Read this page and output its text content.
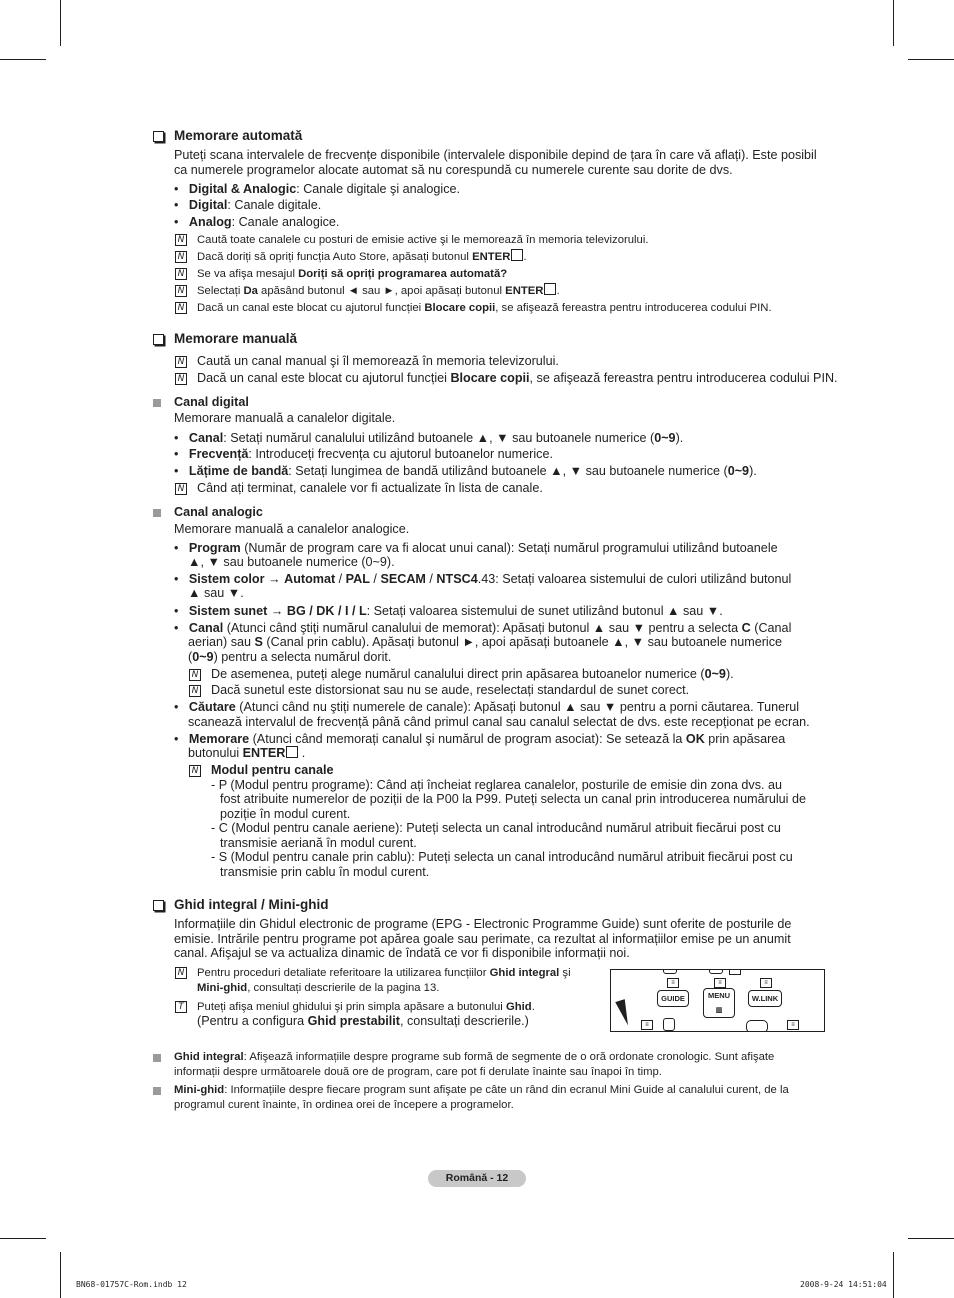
Memorare automată
Puteți scana intervalele de frecvențe disponibile (intervalele disponibile depind de țara în care vă aflați). Este posibil ca numerele programelor alocate automat să nu corespundă cu numerele curente sau dorite de dvs.
•   Digital & Analogic: Canale digitale şi analogice.
•   Digital: Canale digitale.
•   Analog: Canale analogice.
N Caută toate canalele cu posturi de emisie active şi le memorează în memoria televizorului.
N Dacă doriți să opriți funcția Auto Store, apăsați butonul ENTER .
N Se va afişa mesajul Doriți să opriți programarea automată?
N Selectați Da apăsând butonul ◄ sau ►, apoi apăsați butonul ENTER .
N Dacă un canal este blocat cu ajutorul funcției Blocare copii, se afişează fereastra pentru introducerea codului PIN.
Memorare manuală
N Caută un canal manual şi îl memorează în memoria televizorului.
N Dacă un canal este blocat cu ajutorul funcției Blocare copii, se afişează fereastra pentru introducerea codului PIN.
Canal digital
Memorare manuală a canalelor digitale.
•   Canal: Setați numărul canalului utilizând butoanele ▲, ▼ sau butoanele numerice (0~9).
•   Frecvență: Introduceți frecvența cu ajutorul butoanelor numerice.
•   Lățime de bandă: Setați lungimea de bandă utilizând butoanele ▲, ▼ sau butoanele numerice (0~9).
N Când ați terminat, canalele vor fi actualizate în lista de canale.
Canal analogic
Memorare manuală a canalelor analogice.
•   Program (Număr de program care va fi alocat unui canal): Setați numărul programului utilizând butoanele
▲, ▼ sau butoanele numerice (0~9).
•   Sistem color → Automat / PAL / SECAM / NTSC4.43: Setați valoarea sistemului de culori utilizând butonul
▲ sau ▼.
•   Sistem sunet → BG / DK / I / L: Setați valoarea sistemului de sunet utilizând butonul ▲ sau ▼.
•   Canal (Atunci când ştiți numărul canalului de memorat): Apăsați butonul ▲ sau ▼ pentru a selecta C (Canal
aerian) sau S (Canal prin cablu). Apăsați butonul ►, apoi apăsați butoanele ▲, ▼ sau butoanele numerice
(0~9) pentru a selecta numărul dorit.
N De asemenea, puteți alege numărul canalului direct prin apăsarea butoanelor numerice (0~9).
N Dacă sunetul este distorsionat sau nu se aude, reselectați standardul de sunet corect.
•   Căutare (Atunci când nu ştiți numerele de canale): Apăsați butonul ▲ sau ▼ pentru a porni căutarea. Tunerul
scanează intervalul de frecvență până când primul canal sau canalul selectat de dvs. este recepționat pe ecran.
•   Memorare (Atunci când memorați canalul şi numărul de program asociat): Se setează la OK prin apăsarea
butonului ENTER .
N Modul pentru canale
- P (Modul pentru programe): Când ați încheiat reglarea canalelor, posturile de emisie din zona dvs. au
fost atribuite numerelor de poziții de la P00 la P99. Puteți selecta un canal prin introducerea numărului de
poziție în modul curent.
- C (Modul pentru canale aeriene): Puteți selecta un canal introducând numărul atribuit fiecărui post cu
transmisie aeriană în modul curent.
- S (Modul pentru canale prin cablu): Puteți selecta un canal introducând numărul atribuit fiecărui post cu
transmisie prin cablu în modul curent.
Ghid integral / Mini-ghid
Informațiile din Ghidul electronic de programe (EPG - Electronic Programme Guide) sunt oferite de posturile de emisie. Intrările pentru programe pot apărea goale sau perimate, ca rezultat al informațiilor emise pe un anumit canal. Afişajul se va actualiza dinamic de îndată ce vor fi disponibile informații noi.
N Pentru proceduri detaliate referitoare la utilizarea funcțiilor Ghid integral şi
Mini-ghid, consultați descrierile de la pagina 13.
T Puteți afişa meniul ghidului şi prin simpla apăsare a butonului Ghid.
(Pentru a configura Ghid prestabilit, consultați descrierile.)
≡	≡	≡
GUIDE	MENU
▥
W.LINK
≡	≡
Ghid integral: Afişează informațiile despre programe sub formă de segmente de o oră ordonate cronologic. Sunt afişate
informații despre următoarele două ore de program, care pot fi derulate înainte sau înapoi în timp.
Mini-ghid: Informațiile despre fiecare program sunt afişate pe câte un rând din ecranul Mini Guide al canalului curent, de la
programul curent înainte, în ordinea orei de începere a programelor.
Română - 12
BN68-01757C-Rom.indb 12	2008-9-24 14:51:04
